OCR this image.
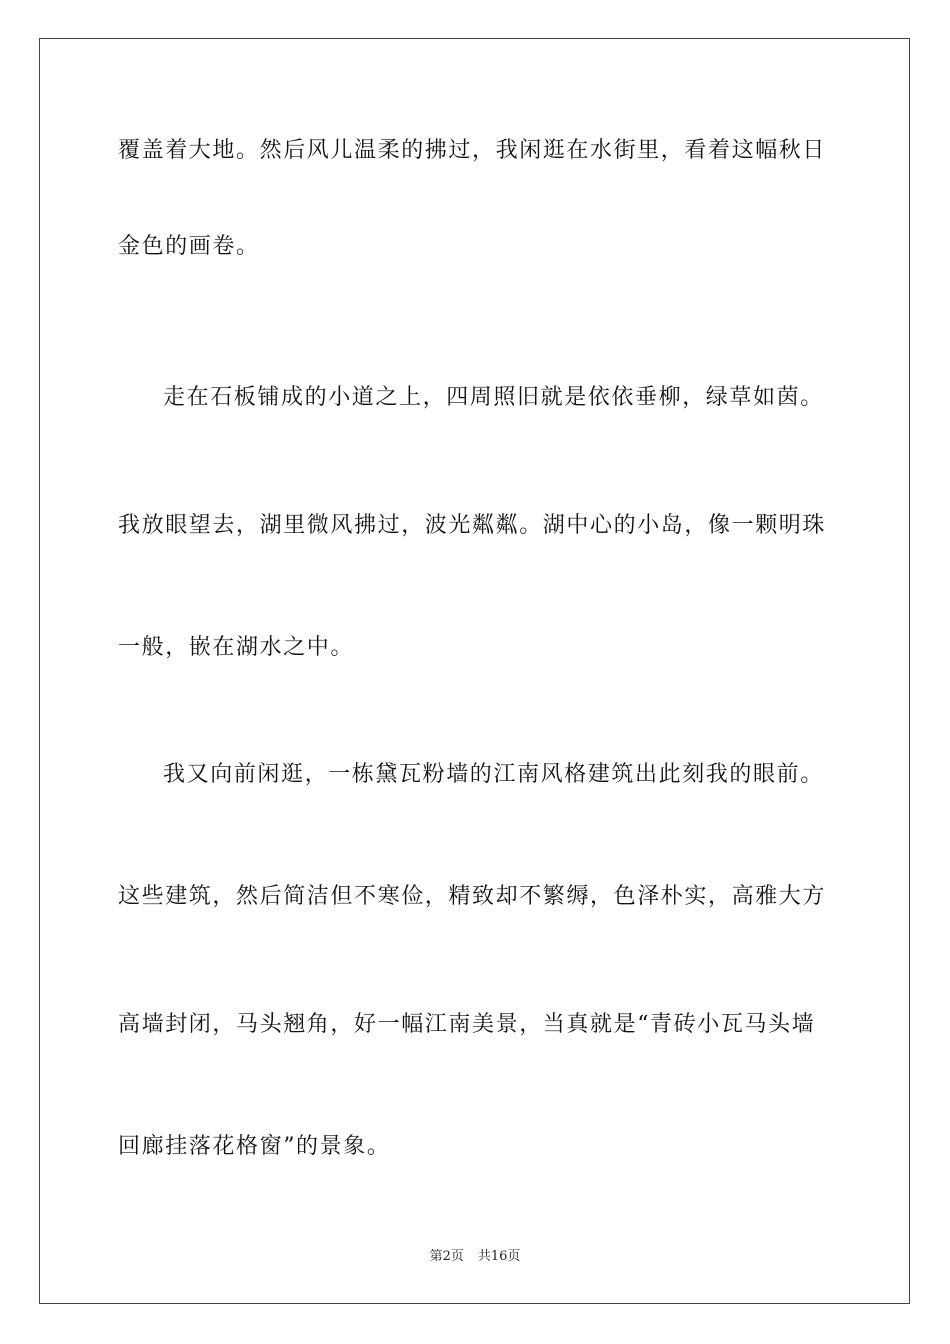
覆盖着大地。然后风儿温柔的拂过，我闲逛在水街里，看着这幅秋日
金色的画卷。
走在石板铺成的小道之上，四周照旧就是依依垂柳，绿草如茵。
我放眼望去，湖里微风拂过，波光粼粼。湖中心的小岛，像一颗明珠
一般，嵌在湖水之中。
我又向前闲逛，一栋黛瓦粉墙的江南风格建筑出此刻我的眼前。
这些建筑，然后简洁但不寒俭，精致却不繁缛，色泽朴实，高雅大方
高墙封闭，马头翘角，好一幅江南美景，当真就是“青砖小瓦马头墙
回廊挂落花格窗”的景象。
第2页 共16页
